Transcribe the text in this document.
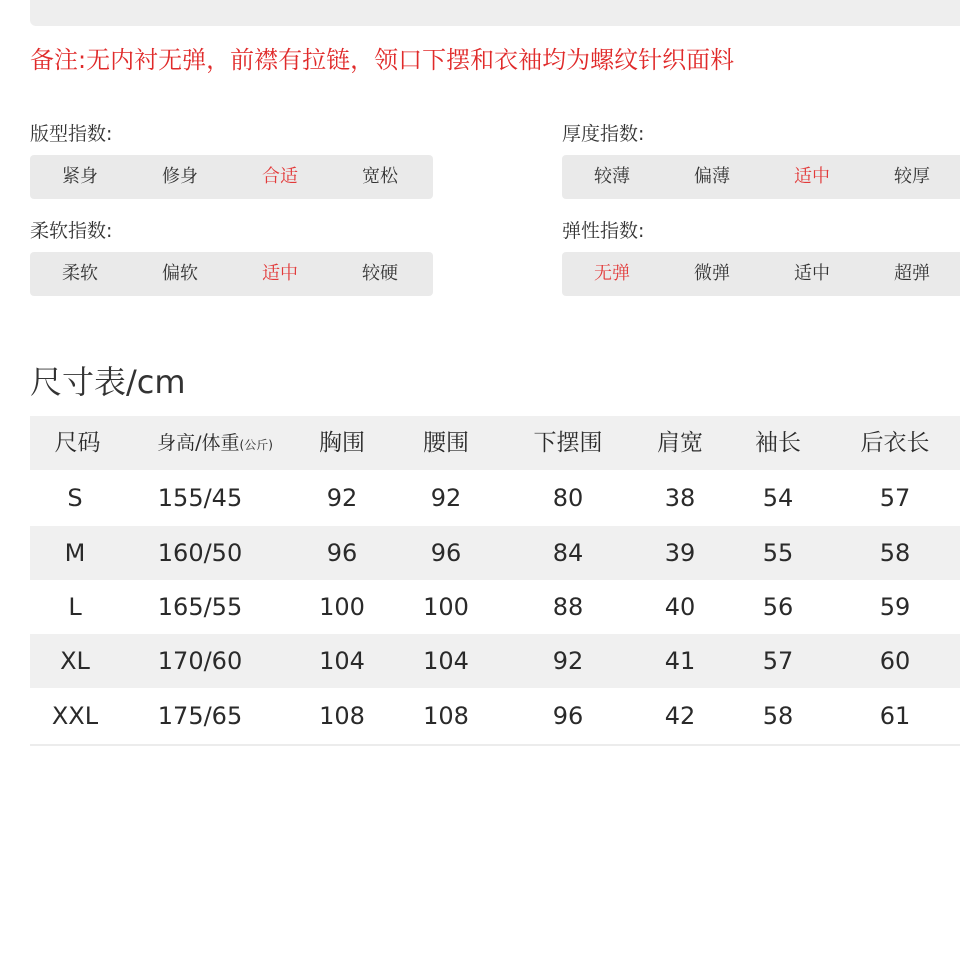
备注:无内衬无弹，前襟有拉链，领口下摆和衣袖均为螺纹针织面料
版型指数:
紧身	修身	合适	宽松
厚度指数:
较薄	偏薄	适中	较厚
柔软指数:
柔软	偏软	适中	较硬
弹性指数:
无弹	微弹	适中	超弹
尺寸表/cm
尺码	身高/体重(公斤)	胸围	腰围	下摆围	肩宽	袖长	后衣长
S	155/45	92	92	80	38	54	57
M	160/50	96	96	84	39	55	58
L	165/55	100	100	88	40	56	59
XL	170/60	104	104	92	41	57	60
XXL	175/65	108	108	96	42	58	61
